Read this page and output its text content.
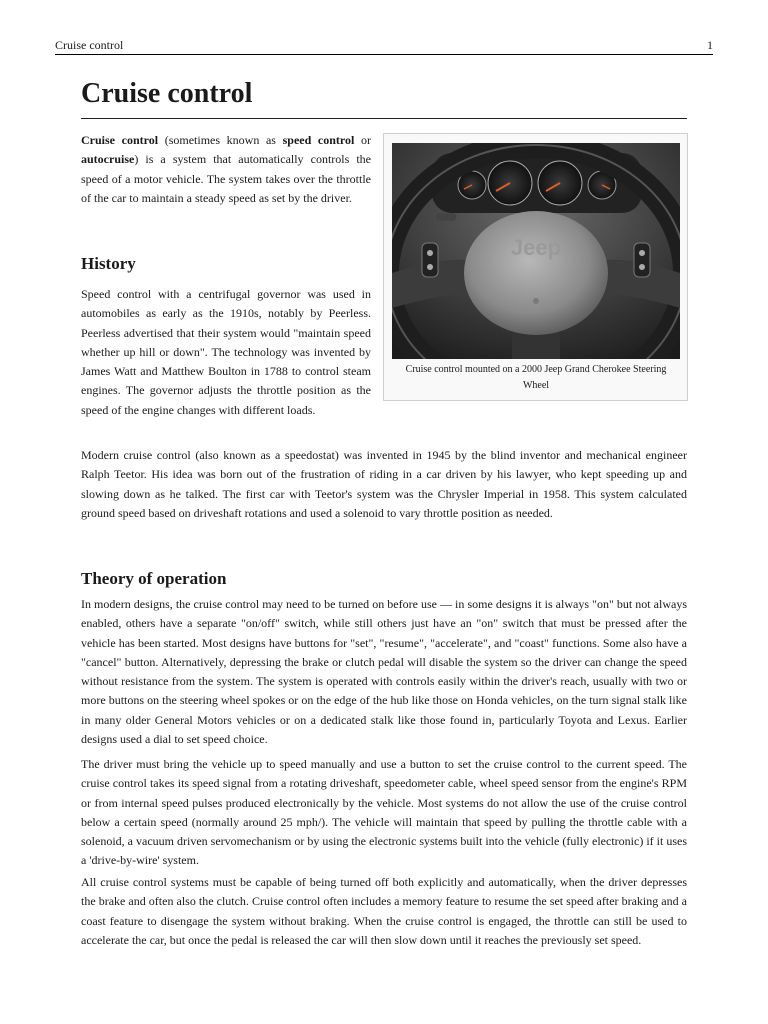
Cruise control	1
Cruise control

Cruise control (sometimes known as speed control or autocruise) is a system that automatically controls the speed of a motor vehicle. The system takes over the throttle of the car to maintain a steady speed as set by the driver.

Jeep
Cruise control mounted on a 2000 Jeep Grand Cherokee Steering Wheel
History

Speed control with a centrifugal governor was used in automobiles as early as the 1910s, notably by Peerless. Peerless advertised that their system would "maintain speed whether up hill or down". The technology was invented by James Watt and Matthew Boulton in 1788 to control steam engines. The governor adjusts the throttle position as the speed of the engine changes with different loads.

Modern cruise control (also known as a speedostat) was invented in 1945 by the blind inventor and mechanical engineer Ralph Teetor. His idea was born out of the frustration of riding in a car driven by his lawyer, who kept speeding up and slowing down as he talked. The first car with Teetor's system was the Chrysler Imperial in 1958. This system calculated ground speed based on driveshaft rotations and used a solenoid to vary throttle position as needed.

Theory of operation

In modern designs, the cruise control may need to be turned on before use — in some designs it is always "on" but not always enabled, others have a separate "on/off" switch, while still others just have an "on" switch that must be pressed after the vehicle has been started. Most designs have buttons for "set", "resume", "accelerate", and "coast" functions. Some also have a "cancel" button. Alternatively, depressing the brake or clutch pedal will disable the system so the driver can change the speed without resistance from the system. The system is operated with controls easily within the driver's reach, usually with two or more buttons on the steering wheel spokes or on the edge of the hub like those on Honda vehicles, on the turn signal stalk like in many older General Motors vehicles or on a dedicated stalk like those found in, particularly Toyota and Lexus. Earlier designs used a dial to set speed choice.

The driver must bring the vehicle up to speed manually and use a button to set the cruise control to the current speed. The cruise control takes its speed signal from a rotating driveshaft, speedometer cable, wheel speed sensor from the engine's RPM or from internal speed pulses produced electronically by the vehicle. Most systems do not allow the use of the cruise control below a certain speed (normally around 25 mph/). The vehicle will maintain that speed by pulling the throttle cable with a solenoid, a vacuum driven servomechanism or by using the electronic systems built into the vehicle (fully electronic) if it uses a 'drive-by-wire' system.

All cruise control systems must be capable of being turned off both explicitly and automatically, when the driver depresses the brake and often also the clutch. Cruise control often includes a memory feature to resume the set speed after braking and a coast feature to disengage the system without braking. When the cruise control is engaged, the throttle can still be used to accelerate the car, but once the pedal is released the car will then slow down until it reaches the previously set speed.
